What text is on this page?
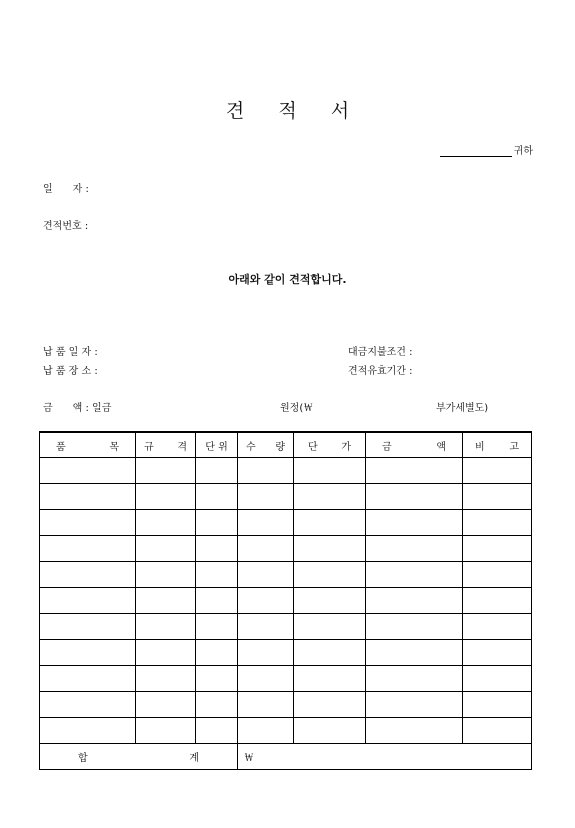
견 적 서
귀하
일　　자 :
견적번호 :
아래와 같이 견적합니다.
납 품 일 자 :
납 품 장 소 :
대금지불조건 :
견적유효기간 :
금　　액 : 일금	원정(￦	부가세별도)
품 목	규 격	단 위	수 량	단 가	금 액	비 고

합 계			￦			
